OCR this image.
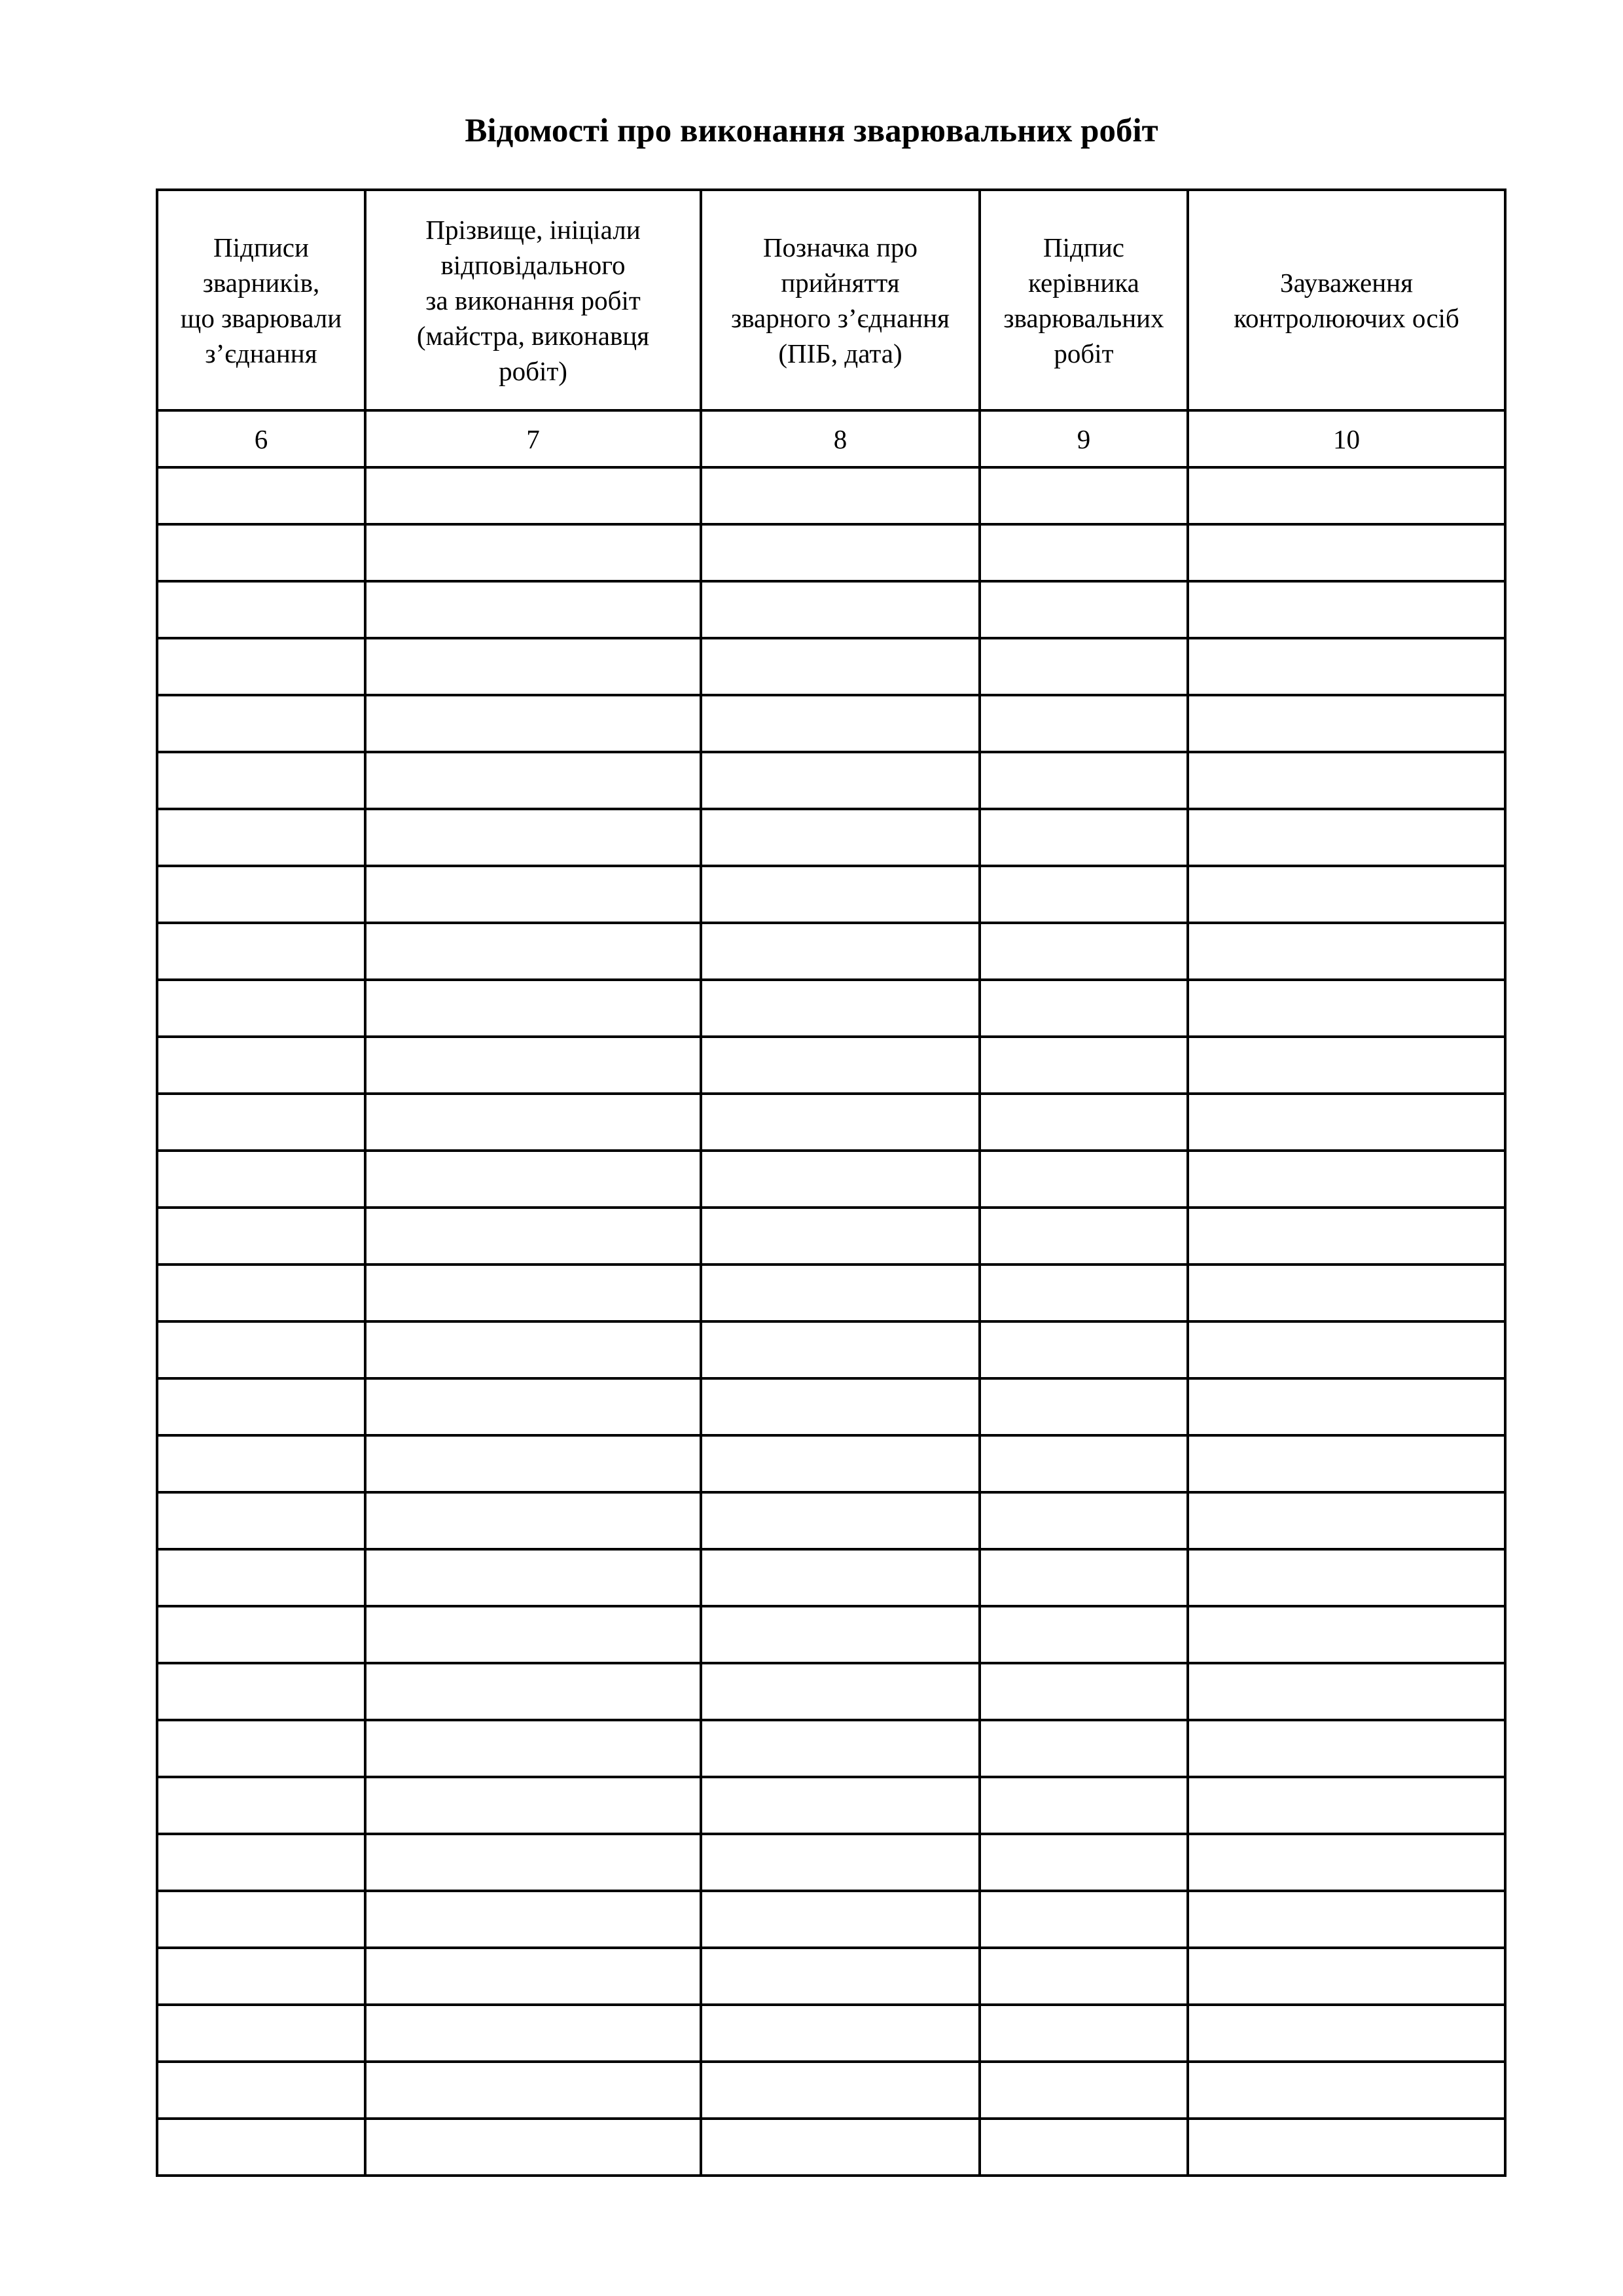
Відомості про виконання зварювальних робіт
Підписи
зварників,
що зварювали
з’єднання	Прізвище, ініціали
відповідального
за виконання робіт
(майстра, виконавця
робіт)	Позначка про
прийняття
зварного з’єднання
(ПІБ, дата)	Підпис
керівника
зварювальних
робіт	Зауваження
контролюючих осіб

6	7	8	9	10
